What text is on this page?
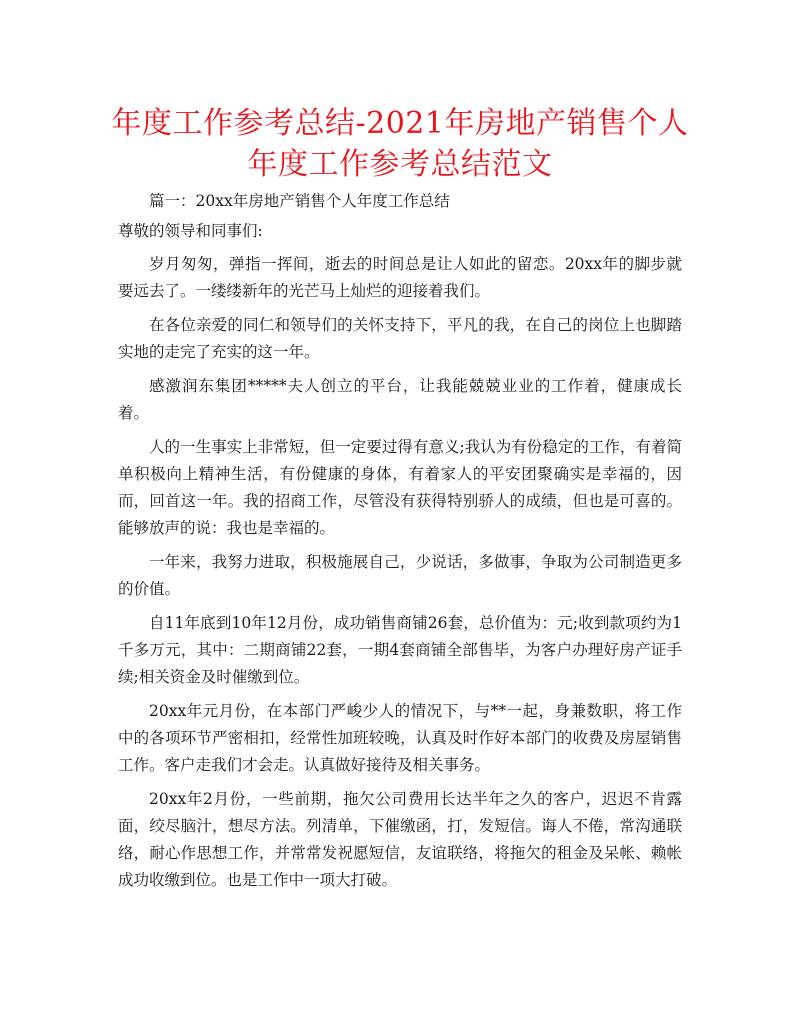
年度工作参考总结-2021年房地产销售个人年度工作参考总结范文

篇一：20xx年房地产销售个人年度工作总结

尊敬的领导和同事们:

岁月匆匆，弹指一挥间，逝去的时间总是让人如此的留恋。20xx年的脚步就要远去了。一缕缕新年的光芒马上灿烂的迎接着我们。

在各位亲爱的同仁和领导们的关怀支持下，平凡的我，在自己的岗位上也脚踏实地的走完了充实的这一年。

感激润东集团*****夫人创立的平台，让我能兢兢业业的工作着，健康成长着。

人的一生事实上非常短，但一定要过得有意义;我认为有份稳定的工作，有着简单积极向上精神生活，有份健康的身体，有着家人的平安团聚确实是幸福的，因而，回首这一年。我的招商工作，尽管没有获得特别骄人的成绩，但也是可喜的。能够放声的说：我也是幸福的。

一年来，我努力进取，积极施展自己，少说话，多做事，争取为公司制造更多的价值。

自11年底到10年12月份，成功销售商铺26套，总价值为：元;收到款项约为1千多万元，其中：二期商铺22套，一期4套商铺全部售毕，为客户办理好房产证手续;相关资金及时催缴到位。

20xx年元月份，在本部门严峻少人的情况下，与**一起，身兼数职，将工作中的各项环节严密相扣，经常性加班较晚，认真及时作好本部门的收费及房屋销售工作。客户走我们才会走。认真做好接待及相关事务。

20xx年2月份，一些前期，拖欠公司费用长达半年之久的客户，迟迟不肯露面，绞尽脑汁，想尽方法。列清单，下催缴函，打，发短信。诲人不倦，常沟通联络，耐心作思想工作，并常常发祝愿短信，友谊联络，将拖欠的租金及呆帐、赖帐成功收缴到位。也是工作中一项大打破。
